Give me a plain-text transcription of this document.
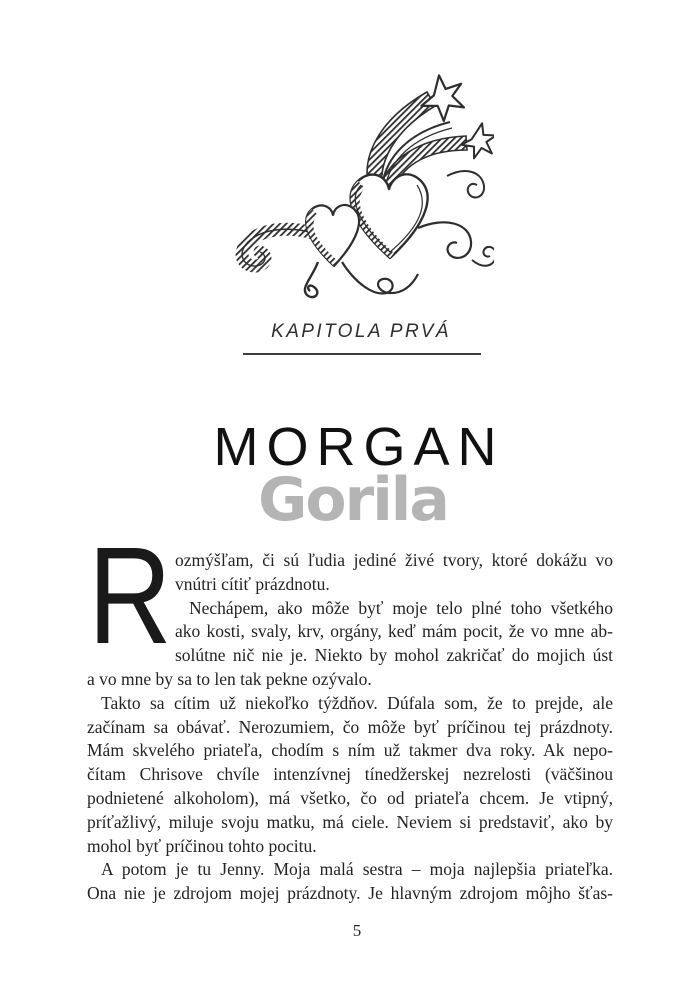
KAPITOLA PRVÁ
MORGAN
Gorila
R ozmýšľam, či sú ľudia jediné živé tvory, ktoré dokážu vo
vnútri cítiť prázdnotu.
Nechápem, ako môže byť moje telo plné toho všetkého
ako kosti, svaly, krv, orgány, keď mám pocit, že vo mne ab-
solútne nič nie je. Niekto by mohol zakričať do mojich úst
a vo mne by sa to len tak pekne ozývalo.
Takto sa cítim už niekoľko týždňov. Dúfala som, že to prejde, ale
začínam sa obávať. Nerozumiem, čo môže byť príčinou tej prázdnoty.
Mám skvelého priateľa, chodím s ním už takmer dva roky. Ak nepo-
čítam Chrisove chvíle intenzívnej tínedžerskej nezrelosti (väčšinou
podnietené alkoholom), má všetko, čo od priateľa chcem. Je vtipný,
príťažlivý, miluje svoju matku, má ciele. Neviem si predstaviť, ako by
mohol byť príčinou tohto pocitu.
A potom je tu Jenny. Moja malá sestra – moja najlepšia priateľka.
Ona nie je zdrojom mojej prázdnoty. Je hlavným zdrojom môjho šťas-
5
